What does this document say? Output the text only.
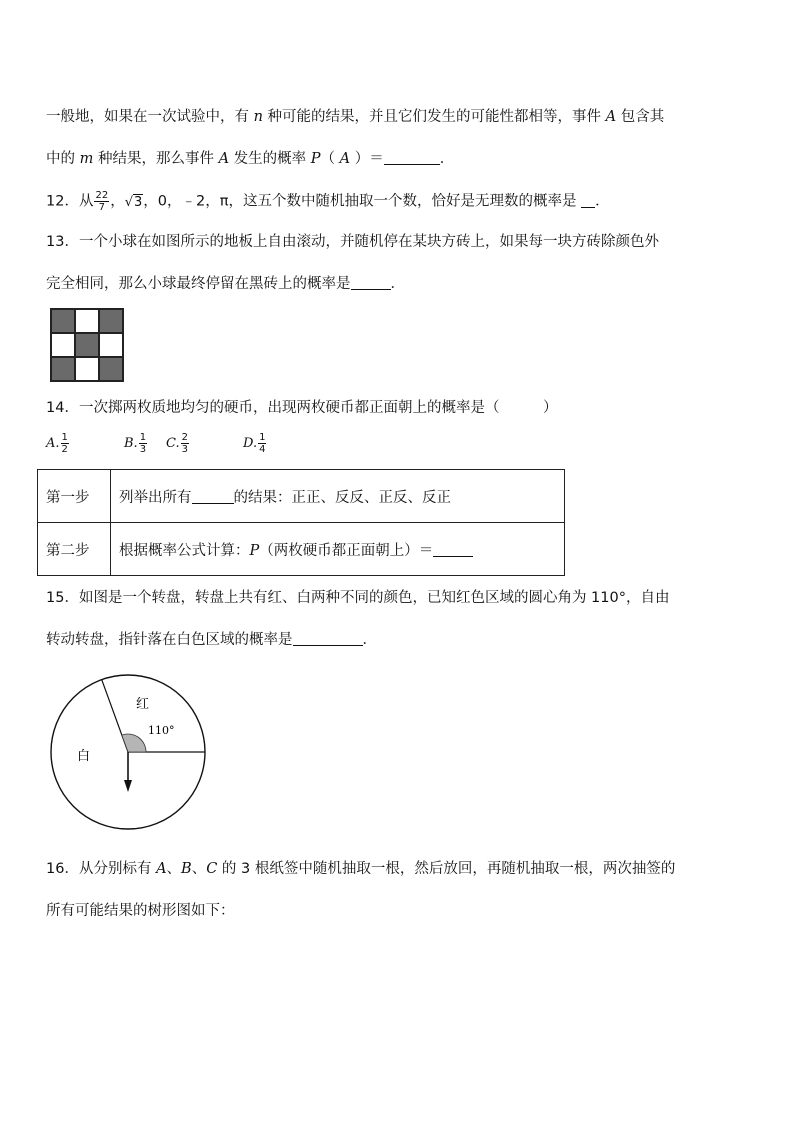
一般地，如果在一次试验中，有 n 种可能的结果，并且它们发生的可能性都相等，事件 A 包含其
中的 m 种结果，那么事件 A 发生的概率 P（ A ）＝	．
12．从 $\frac{22}{7}$ ，√3，0，﹣2，π，这五个数中随机抽取一个数，恰好是无理数的概率是 ．
13．一个小球在如图所示的地板上自由滚动，并随机停在某块方砖上，如果每一块方砖除颜色外
完全相同，那么小球最终停留在黑砖上的概率是	．
14．一次掷两枚质地均匀的硬币，出现两枚硬币都正面朝上的概率是（　　　）
A. $\frac{1}{2}$	B. $\frac{1}{3} C$. $\frac{2}{3}$	D. $\frac{1}{4}$
第一步	列举出所有 的结果：正正、反反、正反、反正
第二步	根据概率公式计算：P（两枚硬币都正面朝上）＝
15．如图是一个转盘，转盘上共有红、白两种不同的颜色，已知红色区域的圆心角为 110°，自由
转动转盘，指针落在白色区域的概率是	．
红
白
110°
16．从分别标有 A、B、C 的 3 根纸签中随机抽取一根，然后放回，再随机抽取一根，两次抽签的
所有可能结果的树形图如下：
